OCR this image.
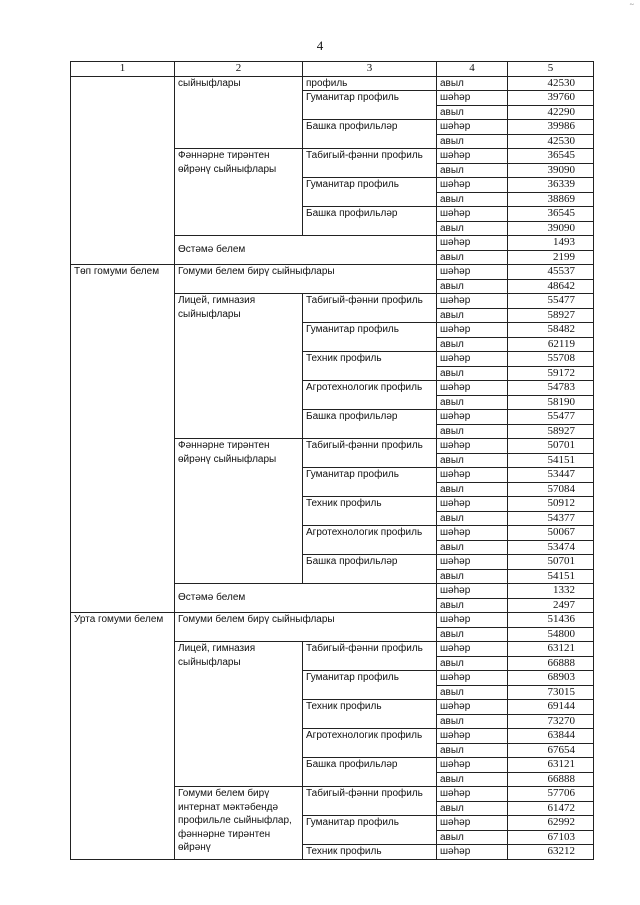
~
4
1	2	3	4	5
	сыйныфлары	профиль	авыл	42530
		Гуманитар профиль	шәһәр	39760
			авыл	42290
		Башка профильләр	шәһәр	39986
			авыл	42530
	Фәннәрне тирәнтен өйрәнү сыйныфлары	Табигый-фәнни профиль	шәһәр	36545
			авыл	39090
		Гуманитар профиль	шәһәр	36339
			авыл	38869
		Башка профильләр	шәһәр	36545
			авыл	39090
	Өстәмә белем		шәһәр	1493
			авыл	2199
Төп гомуми белем	Гомуми белем бирү сыйныфлары		шәһәр	45537
			авыл	48642
	Лицей, гимназия сыйныфлары	Табигый-фәнни профиль	шәһәр	55477
			авыл	58927
		Гуманитар профиль	шәһәр	58482
			авыл	62119
		Техник профиль	шәһәр	55708
			авыл	59172
		Агротехнологик профиль	шәһәр	54783
			авыл	58190
		Башка профильләр	шәһәр	55477
			авыл	58927
	Фәннәрне тирәнтен өйрәнү сыйныфлары	Табигый-фәнни профиль	шәһәр	50701
			авыл	54151
		Гуманитар профиль	шәһәр	53447
			авыл	57084
		Техник профиль	шәһәр	50912
			авыл	54377
		Агротехнологик профиль	шәһәр	50067
			авыл	53474
		Башка профильләр	шәһәр	50701
			авыл	54151
	Өстәмә белем		шәһәр	1332
			авыл	2497
Урта гомуми белем	Гомуми белем бирү сыйныфлары		шәһәр	51436
			авыл	54800
	Лицей, гимназия сыйныфлары	Табигый-фәнни профиль	шәһәр	63121
			авыл	66888
		Гуманитар профиль	шәһәр	68903
			авыл	73015
		Техник профиль	шәһәр	69144
			авыл	73270
		Агротехнологик профиль	шәһәр	63844
			авыл	67654
		Башка профильләр	шәһәр	63121
			авыл	66888
	Гомуми белем бирү интернат мәктәбендә профильле сыйныфлар, фәннәрне тирәнтен өйрәнү	Табигый-фәнни профиль	шәһәр	57706
			авыл	61472
		Гуманитар профиль	шәһәр	62992
			авыл	67103
		Техник профиль	шәһәр	63212
